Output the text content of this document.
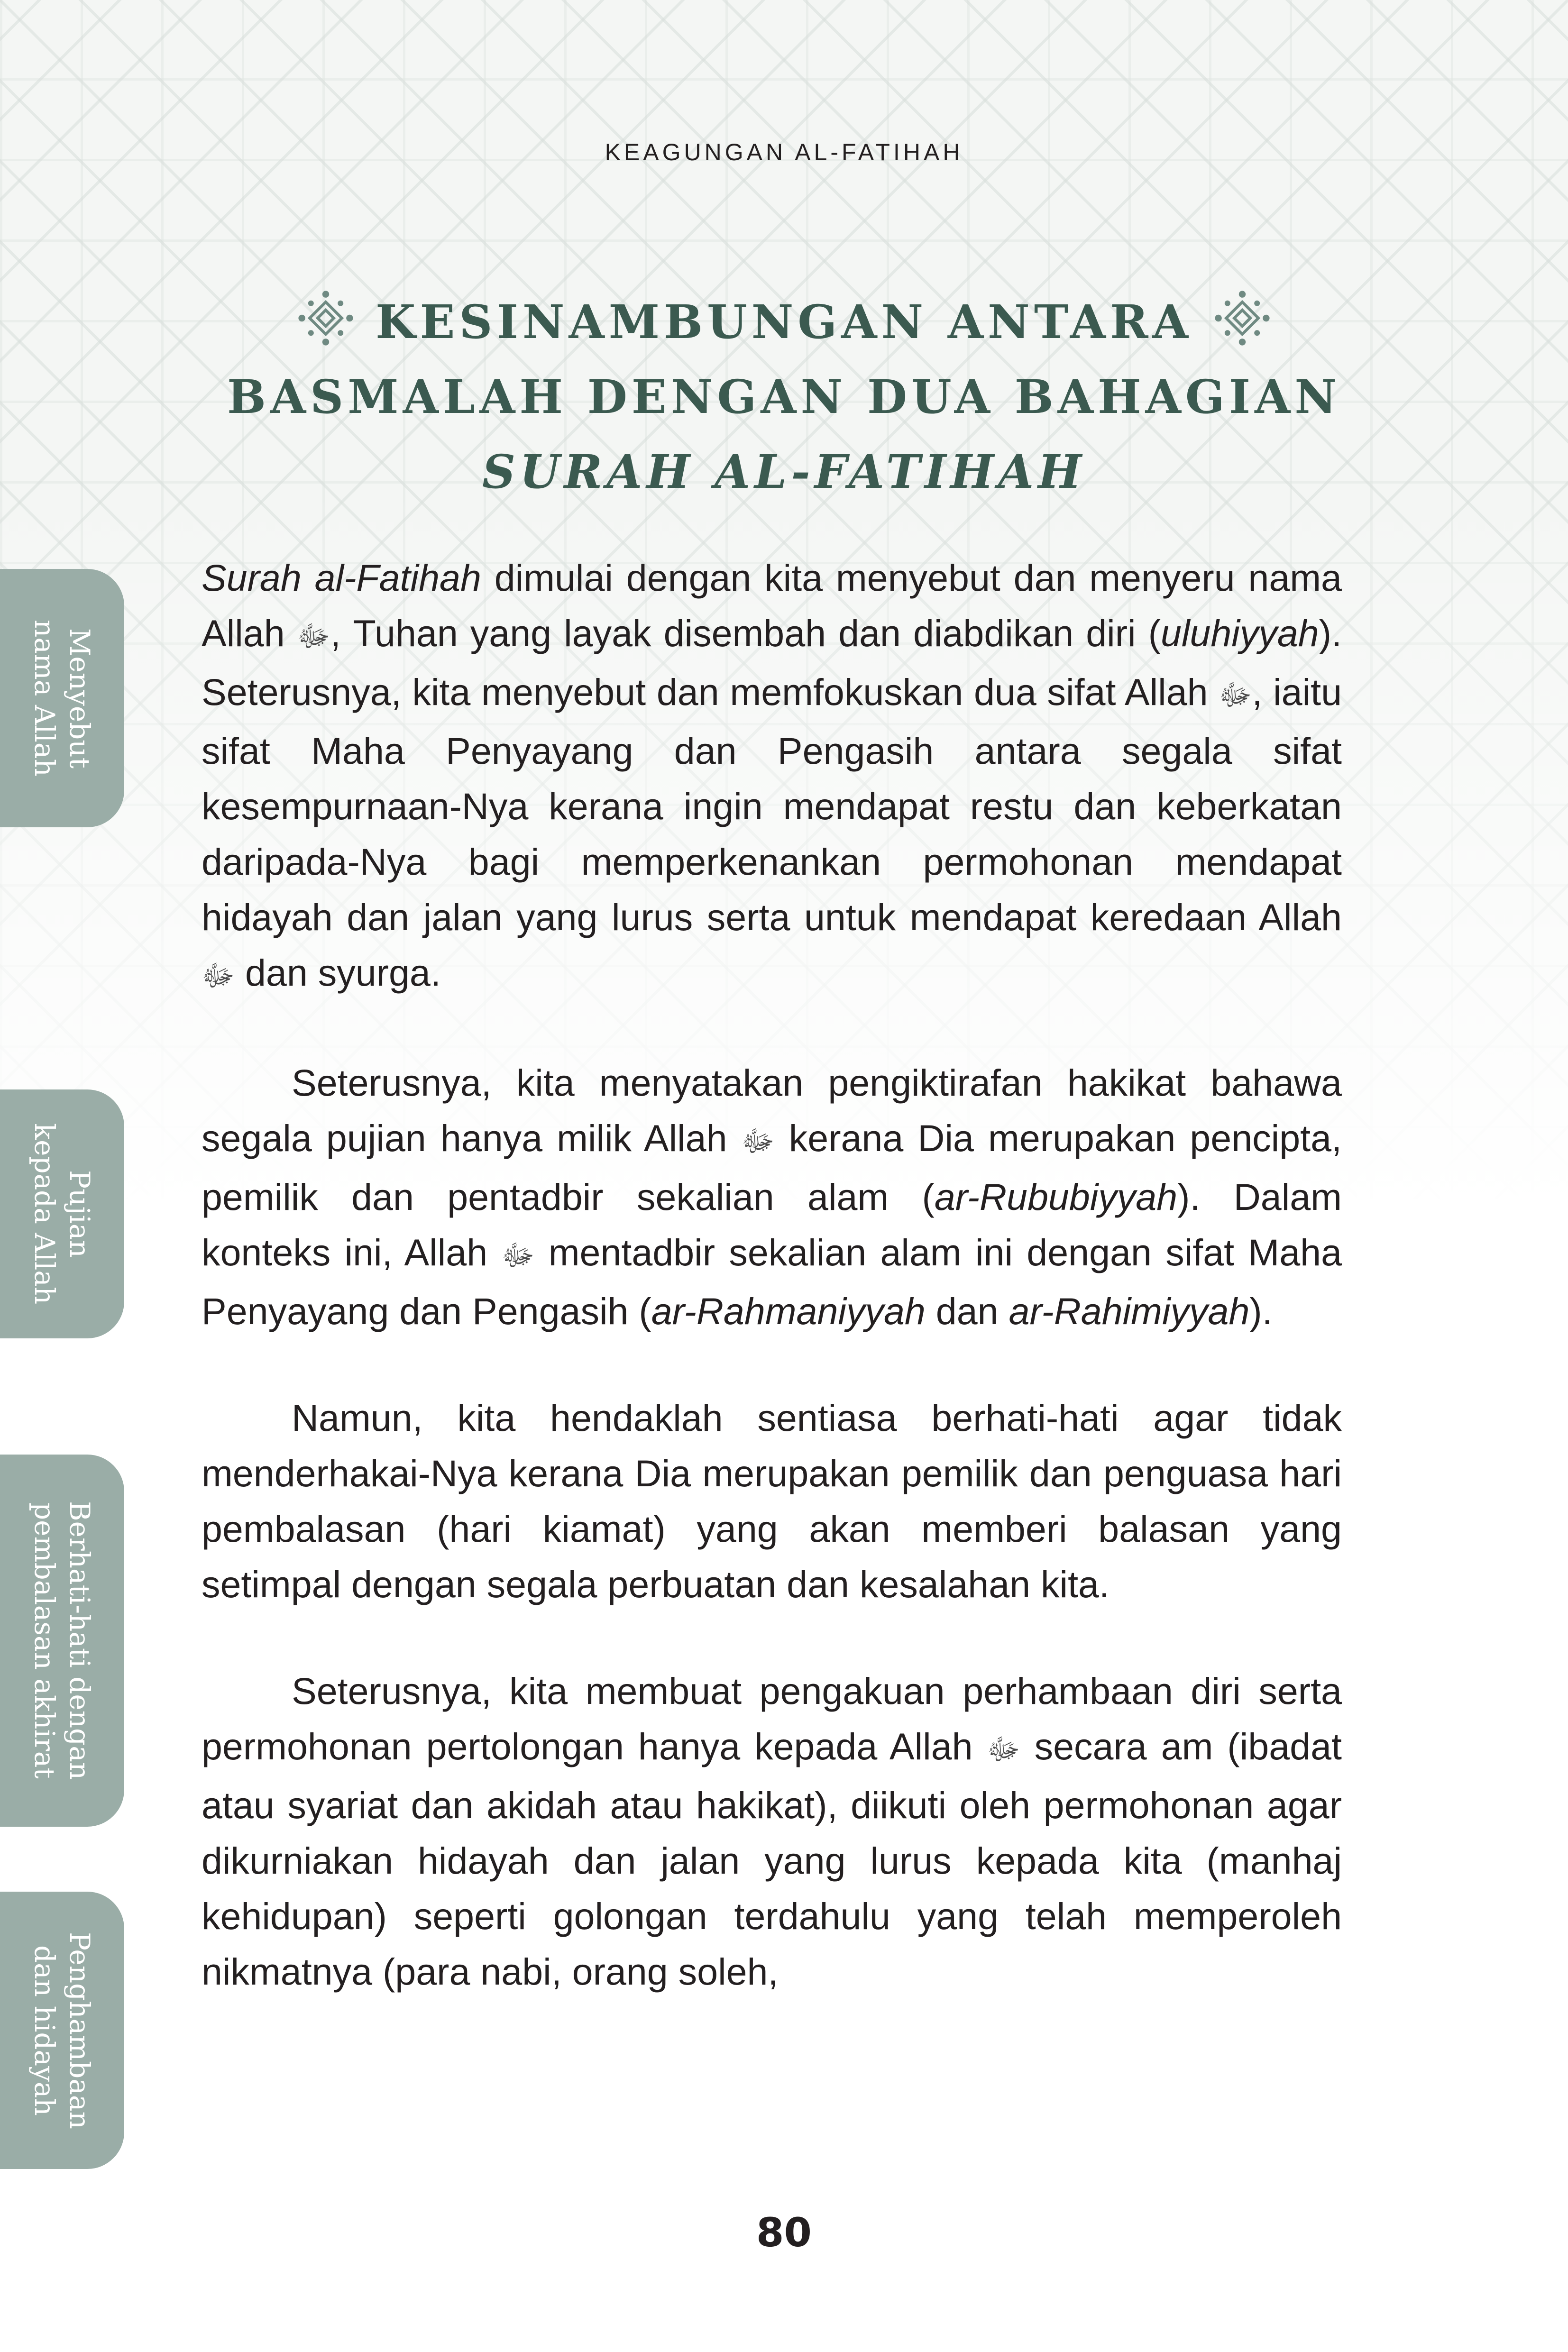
KEAGUNGAN AL-FATIHAH
KESINAMBUNGAN ANTARA
BASMALAH DENGAN DUA BAHAGIAN
SURAH AL-FATIHAH

Surah al-Fatihah dimulai dengan kita menyebut dan menyeru nama Allah ﷻ, Tuhan yang layak disembah dan diabdikan diri (uluhiyyah). Seterusnya, kita menyebut dan memfokuskan dua sifat Allah ﷻ, iaitu sifat Maha Penyayang dan Pengasih antara segala sifat kesempurnaan-Nya kerana ingin mendapat restu dan keberkatan daripada-Nya bagi memperkenankan permohonan mendapat hidayah dan jalan yang lurus serta untuk mendapat keredaan Allah ﷻ dan syurga.

Seterusnya, kita menyatakan pengiktirafan hakikat bahawa segala pujian hanya milik Allah ﷻ kerana Dia merupakan pencipta, pemilik dan pentadbir sekalian alam (ar-Rububiyyah). Dalam konteks ini, Allah ﷻ mentadbir sekalian alam ini dengan sifat Maha Penyayang dan Pengasih (ar-Rahmaniyyah dan ar-Rahimiyyah).

Namun, kita hendaklah sentiasa berhati-hati agar tidak menderhakai-Nya kerana Dia merupakan pemilik dan penguasa hari pembalasan (hari kiamat) yang akan memberi balasan yang setimpal dengan segala perbuatan dan kesalahan kita.

Seterusnya, kita membuat pengakuan perhambaan diri serta permohonan pertolongan hanya kepada Allah ﷻ secara am (ibadat atau syariat dan akidah atau hakikat), diikuti oleh permohonan agar dikurniakan hidayah dan jalan yang lurus kepada kita (manhaj kehidupan) seperti golongan terdahulu yang telah memperoleh nikmatnya (para nabi, orang soleh,

Menyebut
nama Allah
Pujian
kepada Allah
Berhati-hati dengan
pembalasan akhirat
Penghambaan
dan hidayah
80
